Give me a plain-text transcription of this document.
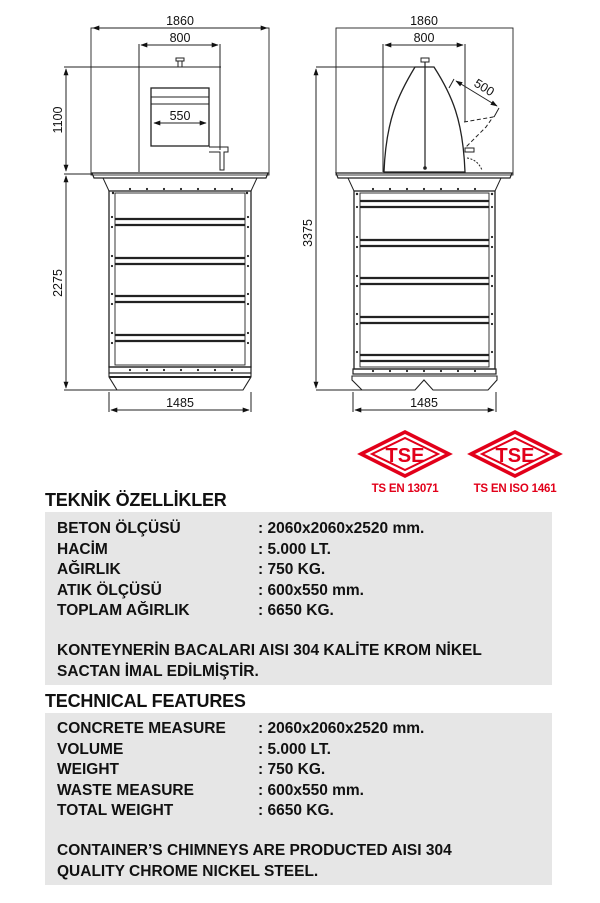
1860
800
550
1100
2275
1485
1860
800
500
3375
1485
TSE
TS EN 13071
TSE
TS EN ISO 1461
TEKNİK ÖZELLİKLER
BETON ÖLÇÜSÜ	: 2060x2060x2520 mm.
HACİM	: 5.000 LT.
AĞIRLIK	: 750 KG.
ATIK ÖLÇÜSÜ	: 600x550 mm.
TOPLAM AĞIRLIK	: 6650 KG.
KONTEYNERİN BACALARI AISI 304 KALİTE KROM NİKEL
SACTAN İMAL EDİLMİŞTİR.
TECHNICAL FEATURES
CONCRETE MEASURE : 2060x2060x2520 mm.
VOLUME	: 5.000 LT.
WEIGHT	: 750 KG.
WASTE MEASURE	: 600x550 mm.
TOTAL WEIGHT	: 6650 KG.
CONTAINER’S CHIMNEYS ARE PRODUCTED AISI 304
QUALITY CHROME NICKEL STEEL.
